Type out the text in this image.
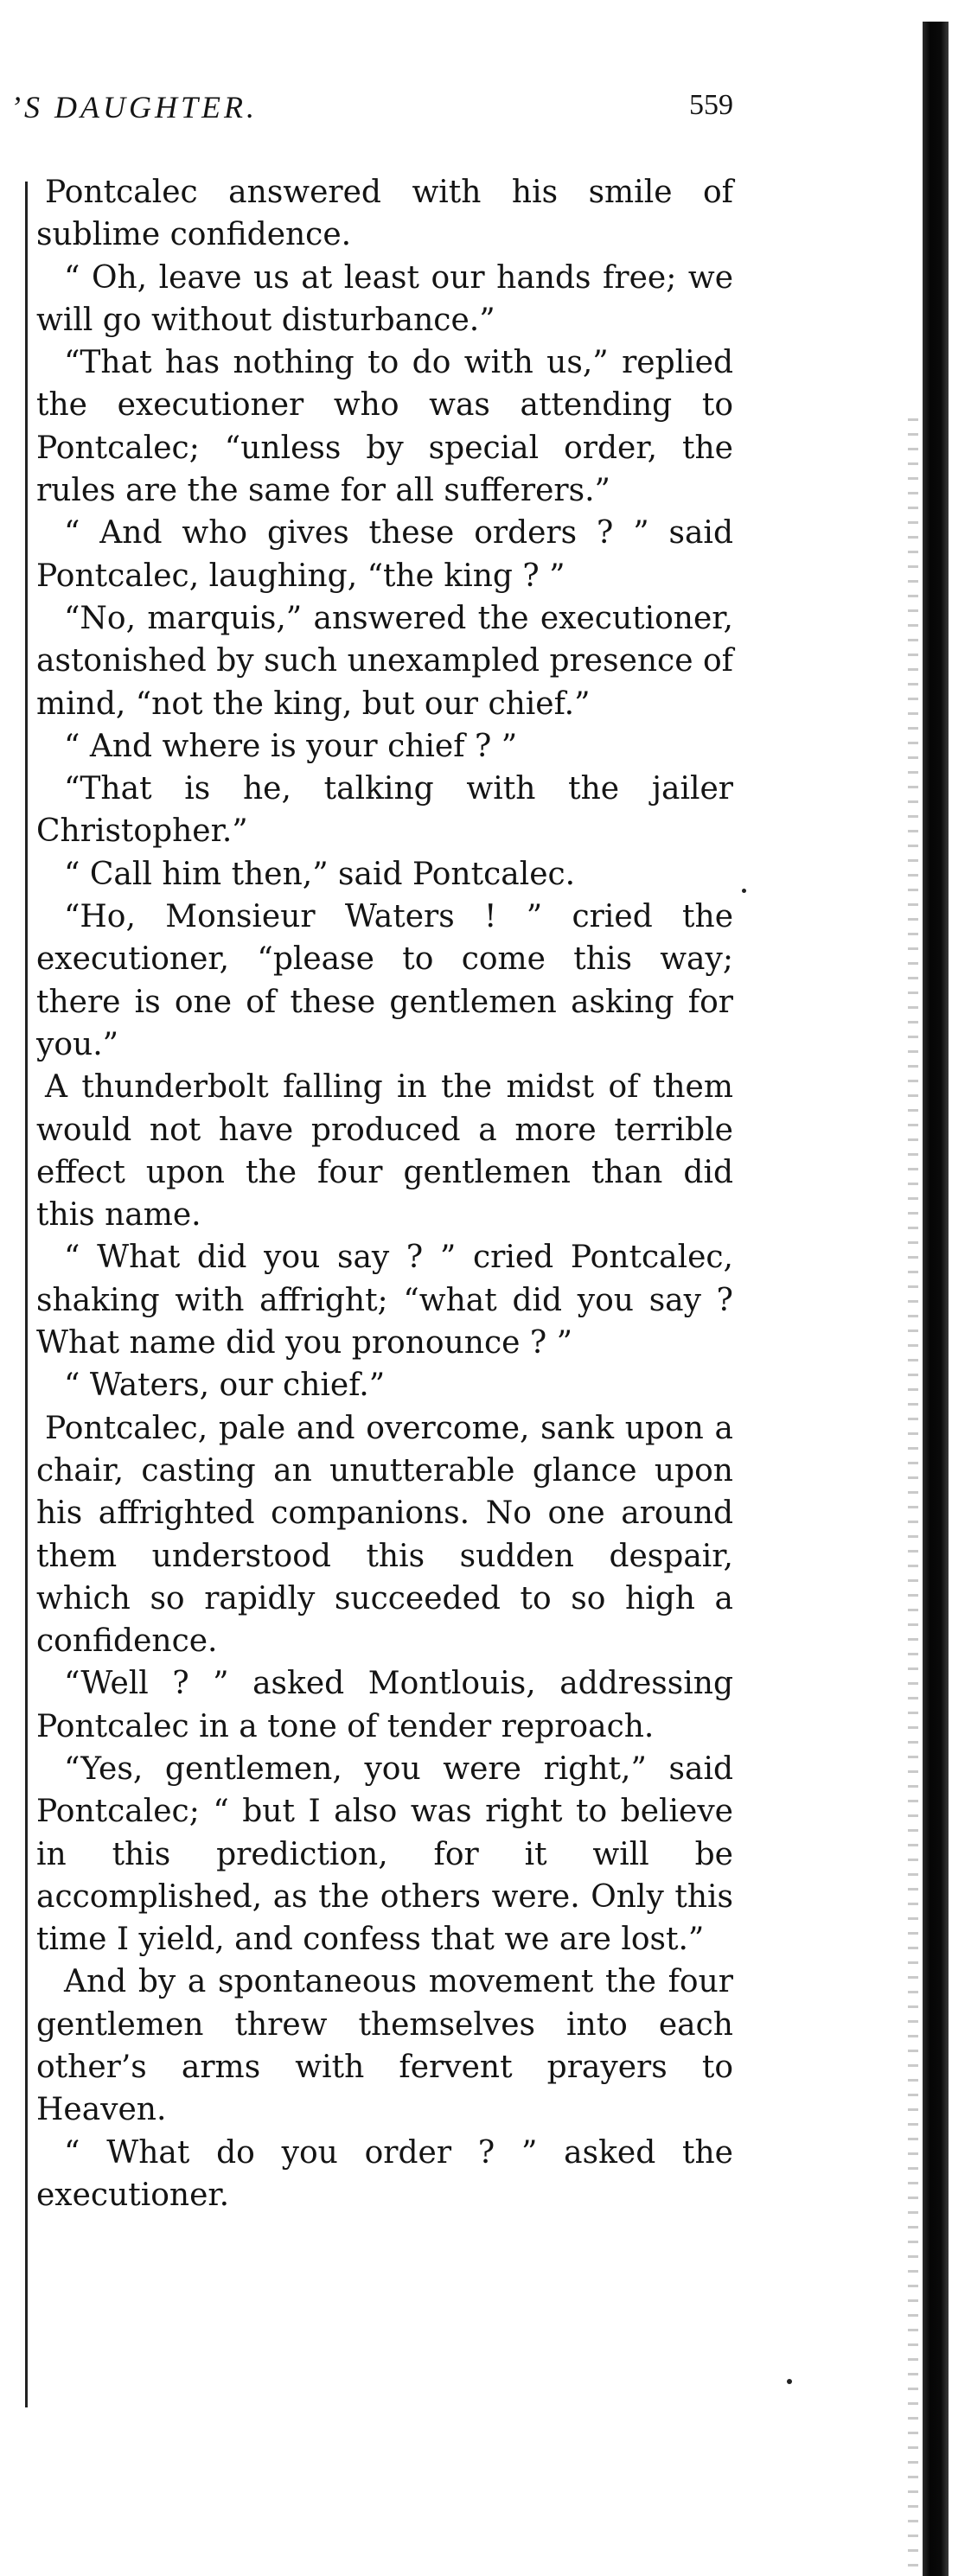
’S DAUGHTER.	559

Pontcalec answered with his smile of sublime confidence.

“ Oh, leave us at least our hands free; we will go without disturbance.”

“That has nothing to do with us,” replied the executioner who was attending to Pontcalec; “unless by special order, the rules are the same for all sufferers.”

“ And who gives these orders ? ” said Pontcalec, laughing, “the king ? ”

“No, marquis,” answered the executioner, astonished by such unexampled presence of mind, “not the king, but our chief.”

“ And where is your chief ? ”

“That is he, talking with the jailer Christopher.”

“ Call him then,” said Pontcalec.

“Ho, Monsieur Waters ! ” cried the executioner, “please to come this way; there is one of these gentlemen asking for you.”

A thunderbolt falling in the midst of them would not have produced a more terrible effect upon the four gentlemen than did this name.

“ What did you say ? ” cried Pontcalec, shaking with affright; “what did you say ? What name did you pronounce ? ”

“ Waters, our chief.”

Pontcalec, pale and overcome, sank upon a chair, casting an unutterable glance upon his affrighted companions. No one around them understood this sudden despair, which so rapidly succeeded to so high a confidence.

“Well ? ” asked Montlouis, addressing Pontcalec in a tone of tender reproach.

“Yes, gentlemen, you were right,” said Pontcalec; “ but I also was right to believe in this prediction, for it will be accomplished, as the others were. Only this time I yield, and confess that we are lost.”

And by a spontaneous movement the four gentlemen threw themselves into each other’s arms with fervent prayers to Heaven.

“ What do you order ? ” asked the executioner.
